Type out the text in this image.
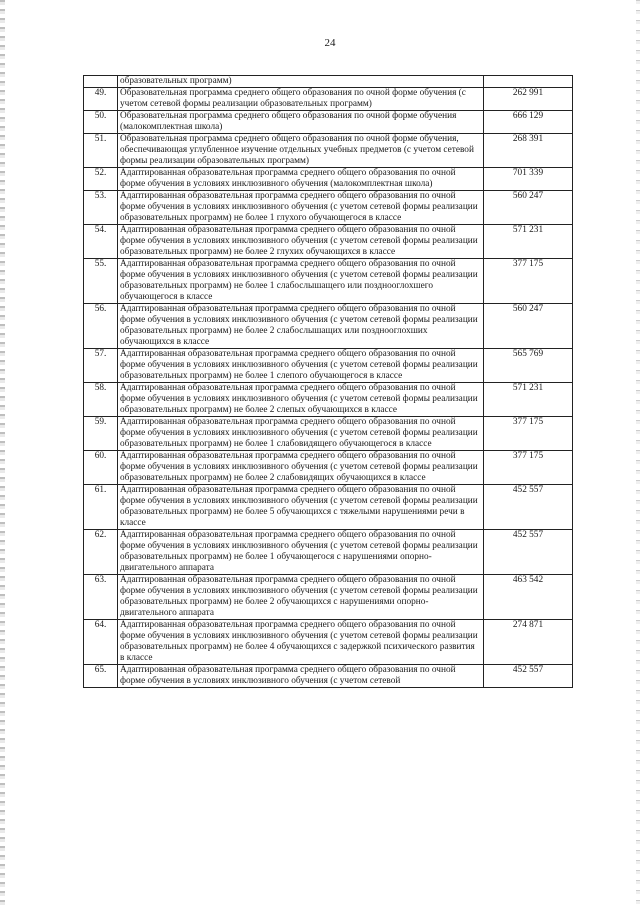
24
	образовательных программ)	
49.	Образовательная программа среднего общего образования по очной форме обучения (с учетом сетевой формы реализации образовательных программ)	262 991
50.	Образовательная программа среднего общего образования по очной форме обучения (малокомплектная школа)	666 129
51.	Образовательная программа среднего общего образования по очной форме обучения, обеспечивающая углубленное изучение отдельных учебных предметов (с учетом сетевой формы реализации образовательных программ)	268 391
52.	Адаптированная образовательная программа среднего общего образования по очной форме обучения в условиях инклюзивного обучения (малокомплектная школа)	701 339
53.	Адаптированная образовательная программа среднего общего образования по очной форме обучения в условиях инклюзивного обучения (с учетом сетевой формы реализации образовательных программ) не более 1 глухого обучающегося в классе	560 247
54.	Адаптированная образовательная программа среднего общего образования по очной форме обучения в условиях инклюзивного обучения (с учетом сетевой формы реализации образовательных программ) не более 2 глухих обучающихся в классе	571 231
55.	Адаптированная образовательная программа среднего общего образования по очной форме обучения в условиях инклюзивного обучения (с учетом сетевой формы реализации образовательных программ) не более 1 слабослышащего или позднооглохшего обучающегося в классе	377 175
56.	Адаптированная образовательная программа среднего общего образования по очной форме обучения в условиях инклюзивного обучения (с учетом сетевой формы реализации образовательных программ) не более 2 слабослышащих или позднооглохших обучающихся в классе	560 247
57.	Адаптированная образовательная программа среднего общего образования по очной форме обучения в условиях инклюзивного обучения (с учетом сетевой формы реализации образовательных программ) не более 1 слепого обучающегося в классе	565 769
58.	Адаптированная образовательная программа среднего общего образования по очной форме обучения в условиях инклюзивного обучения (с учетом сетевой формы реализации образовательных программ) не более 2 слепых обучающихся в классе	571 231
59.	Адаптированная образовательная программа среднего общего образования по очной форме обучения в условиях инклюзивного обучения (с учетом сетевой формы реализации образовательных программ) не более 1 слабовидящего обучающегося в классе	377 175
60.	Адаптированная образовательная программа среднего общего образования по очной форме обучения в условиях инклюзивного обучения (с учетом сетевой формы реализации образовательных программ) не более 2 слабовидящих обучающихся в классе	377 175
61.	Адаптированная образовательная программа среднего общего образования по очной форме обучения в условиях инклюзивного обучения (с учетом сетевой формы реализации образовательных программ) не более 5 обучающихся с тяжелыми нарушениями речи в классе	452 557
62.	Адаптированная образовательная программа среднего общего образования по очной форме обучения в условиях инклюзивного обучения (с учетом сетевой формы реализации образовательных программ) не более 1 обучающегося с нарушениями опорно-двигательного аппарата	452 557
63.	Адаптированная образовательная программа среднего общего образования по очной форме обучения в условиях инклюзивного обучения (с учетом сетевой формы реализации образовательных программ) не более 2 обучающихся с нарушениями опорно-двигательного аппарата	463 542
64.	Адаптированная образовательная программа среднего общего образования по очной форме обучения в условиях инклюзивного обучения (с учетом сетевой формы реализации образовательных программ) не более 4 обучающихся с задержкой психического развития в классе	274 871
65.	Адаптированная образовательная программа среднего общего образования по очной форме обучения в условиях инклюзивного обучения (с учетом сетевой	452 557
